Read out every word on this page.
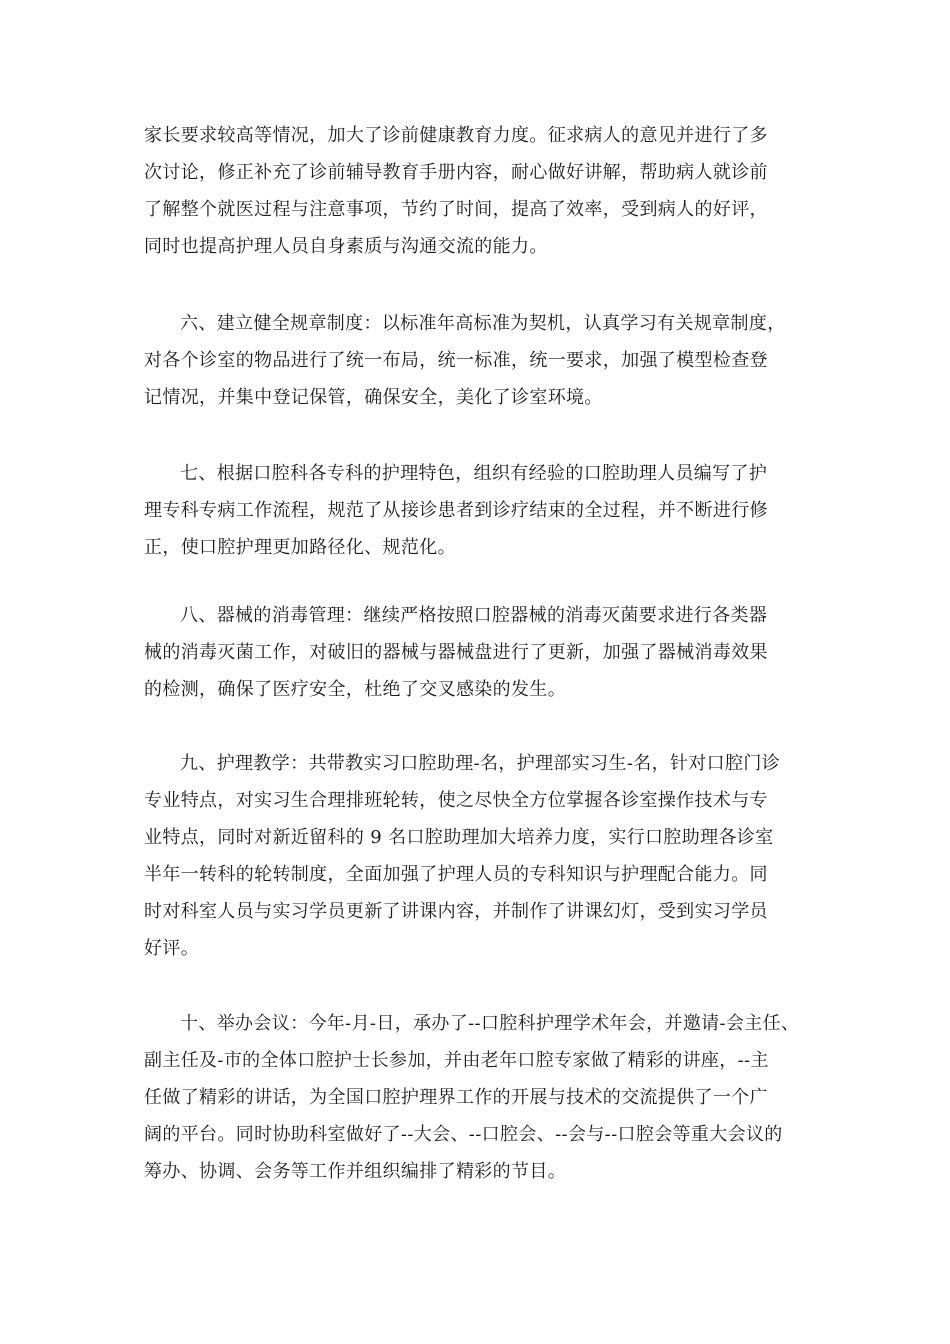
家长要求较高等情况，加大了诊前健康教育力度。征求病人的意见并进行了多
次讨论，修正补充了诊前辅导教育手册内容，耐心做好讲解，帮助病人就诊前
了解整个就医过程与注意事项，节约了时间，提高了效率，受到病人的好评，
同时也提高护理人员自身素质与沟通交流的能力。
六、建立健全规章制度：以标准年高标准为契机，认真学习有关规章制度，
对各个诊室的物品进行了统一布局，统一标准，统一要求，加强了模型检查登
记情况，并集中登记保管，确保安全，美化了诊室环境。
七、根据口腔科各专科的护理特色，组织有经验的口腔助理人员编写了护
理专科专病工作流程，规范了从接诊患者到诊疗结束的全过程，并不断进行修
正，使口腔护理更加路径化、规范化。
八、器械的消毒管理：继续严格按照口腔器械的消毒灭菌要求进行各类器
械的消毒灭菌工作，对破旧的器械与器械盘进行了更新，加强了器械消毒效果
的检测，确保了医疗安全，杜绝了交叉感染的发生。
九、护理教学：共带教实习口腔助理-名，护理部实习生-名，针对口腔门诊
专业特点，对实习生合理排班轮转，使之尽快全方位掌握各诊室操作技术与专
业特点，同时对新近留科的 9 名口腔助理加大培养力度，实行口腔助理各诊室
半年一转科的轮转制度，全面加强了护理人员的专科知识与护理配合能力。同
时对科室人员与实习学员更新了讲课内容，并制作了讲课幻灯，受到实习学员
好评。
十、举办会议：今年-月-日，承办了--口腔科护理学术年会，并邀请-会主任、
副主任及-市的全体口腔护士长参加，并由老年口腔专家做了精彩的讲座，--主
任做了精彩的讲话，为全国口腔护理界工作的开展与技术的交流提供了一个广
阔的平台。同时协助科室做好了--大会、--口腔会、--会与--口腔会等重大会议的
筹办、协调、会务等工作并组织编排了精彩的节目。
